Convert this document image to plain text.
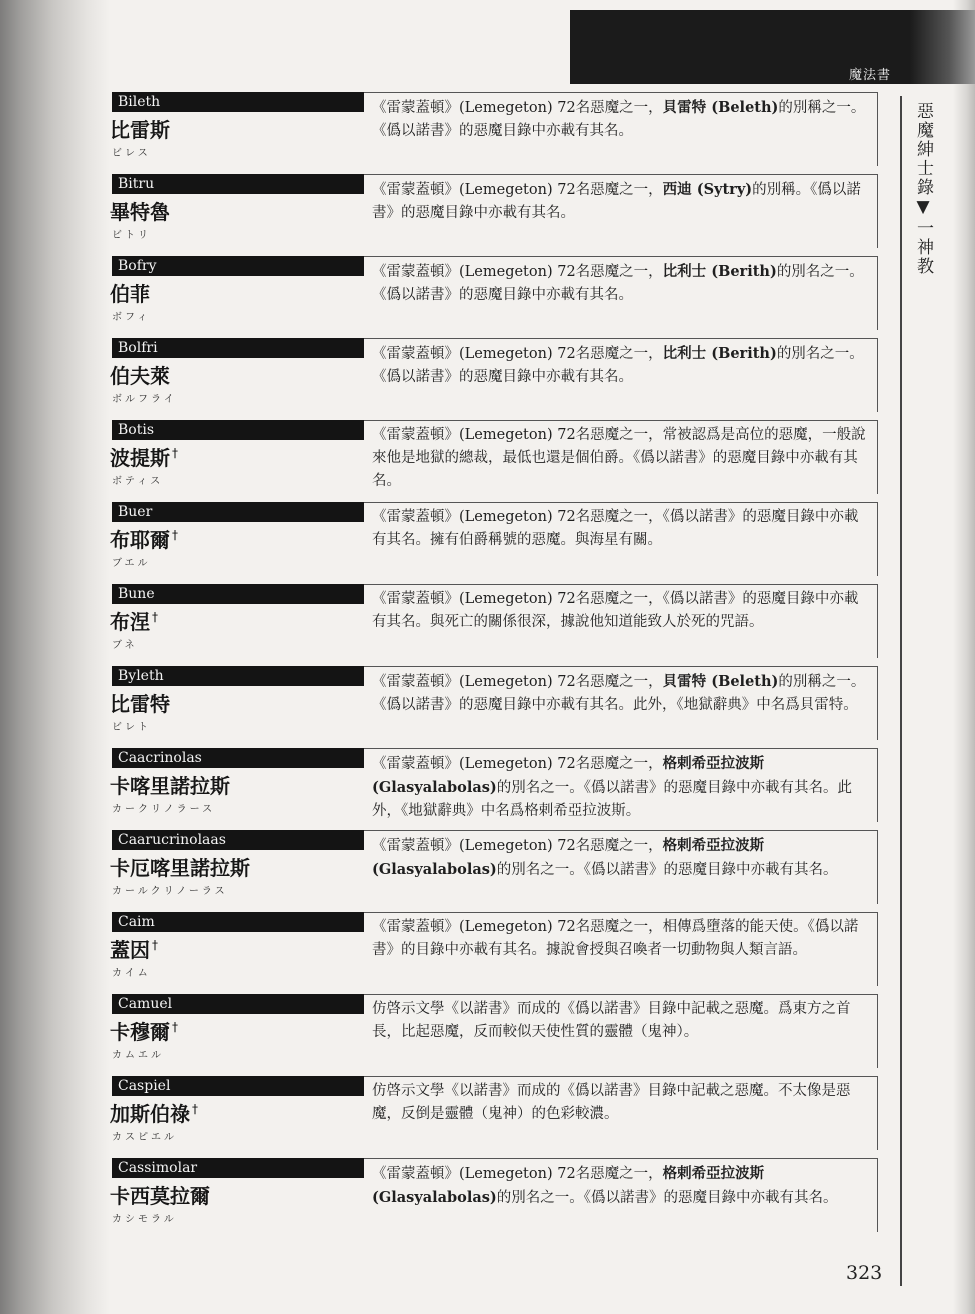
魔法書
惡魔紳士錄▼一神教
Bileth
比雷斯
ビレス

《雷蒙蓋頓》(Lemegeton) 72名惡魔之一，貝雷特 (Beleth)的別稱之一。《僞以諾書》的惡魔目錄中亦載有其名。

Bitru
畢特魯
ビトリ

《雷蒙蓋頓》(Lemegeton) 72名惡魔之一，西迪 (Sytry)的別稱。《僞以諾書》的惡魔目錄中亦載有其名。

Bofry
伯菲
ボフィ

《雷蒙蓋頓》(Lemegeton) 72名惡魔之一，比利士 (Berith)的別名之一。《僞以諾書》的惡魔目錄中亦載有其名。

Bolfri
伯夫萊
ボルフライ

《雷蒙蓋頓》(Lemegeton) 72名惡魔之一，比利士 (Berith)的別名之一。《僞以諾書》的惡魔目錄中亦載有其名。

Botis
波提斯 †
ボティス

《雷蒙蓋頓》(Lemegeton) 72名惡魔之一，常被認爲是高位的惡魔，一般說來他是地獄的總裁，最低也還是個伯爵。《僞以諾書》的惡魔目錄中亦載有其名。

Buer
布耶爾 †
ブエル

《雷蒙蓋頓》(Lemegeton) 72名惡魔之一，《僞以諾書》的惡魔目錄中亦載有其名。擁有伯爵稱號的惡魔。與海星有關。

Bune
布涅 †
ブネ

《雷蒙蓋頓》(Lemegeton) 72名惡魔之一，《僞以諾書》的惡魔目錄中亦載有其名。與死亡的關係很深，據說他知道能致人於死的咒語。

Byleth
比雷特
ビレト

《雷蒙蓋頓》(Lemegeton) 72名惡魔之一，貝雷特 (Beleth)的別稱之一。《僞以諾書》的惡魔目錄中亦載有其名。此外，《地獄辭典》中名爲貝雷特。

Caacrinolas
卡喀里諾拉斯
カークリノラース

《雷蒙蓋頓》(Lemegeton) 72名惡魔之一，格剌希亞拉波斯 (Glasyalabolas)的別名之一。《僞以諾書》的惡魔目錄中亦載有其名。此外，《地獄辭典》中名爲格剌希亞拉波斯。

Caarucrinolaas
卡厄喀里諾拉斯
カールクリノーラス

《雷蒙蓋頓》(Lemegeton) 72名惡魔之一，格剌希亞拉波斯 (Glasyalabolas)的別名之一。《僞以諾書》的惡魔目錄中亦載有其名。

Caim
蓋因 †
カイム

《雷蒙蓋頓》(Lemegeton) 72名惡魔之一，相傳爲墮落的能天使。《僞以諾書》的目錄中亦載有其名。據說會授與召喚者一切動物與人類言語。

Camuel
卡穆爾 †
カムエル

仿啓示文學《以諾書》而成的《僞以諾書》目錄中記載之惡魔。爲東方之首長，比起惡魔，反而較似天使性質的靈體（鬼神）。

Caspiel
加斯伯祿 †
カスピエル

仿啓示文學《以諾書》而成的《僞以諾書》目錄中記載之惡魔。不太像是惡魔，反倒是靈體（鬼神）的色彩較濃。

Cassimolar
卡西莫拉爾
カシモラル

《雷蒙蓋頓》(Lemegeton) 72名惡魔之一，格剌希亞拉波斯 (Glasyalabolas)的別名之一。《僞以諾書》的惡魔目錄中亦載有其名。

323
